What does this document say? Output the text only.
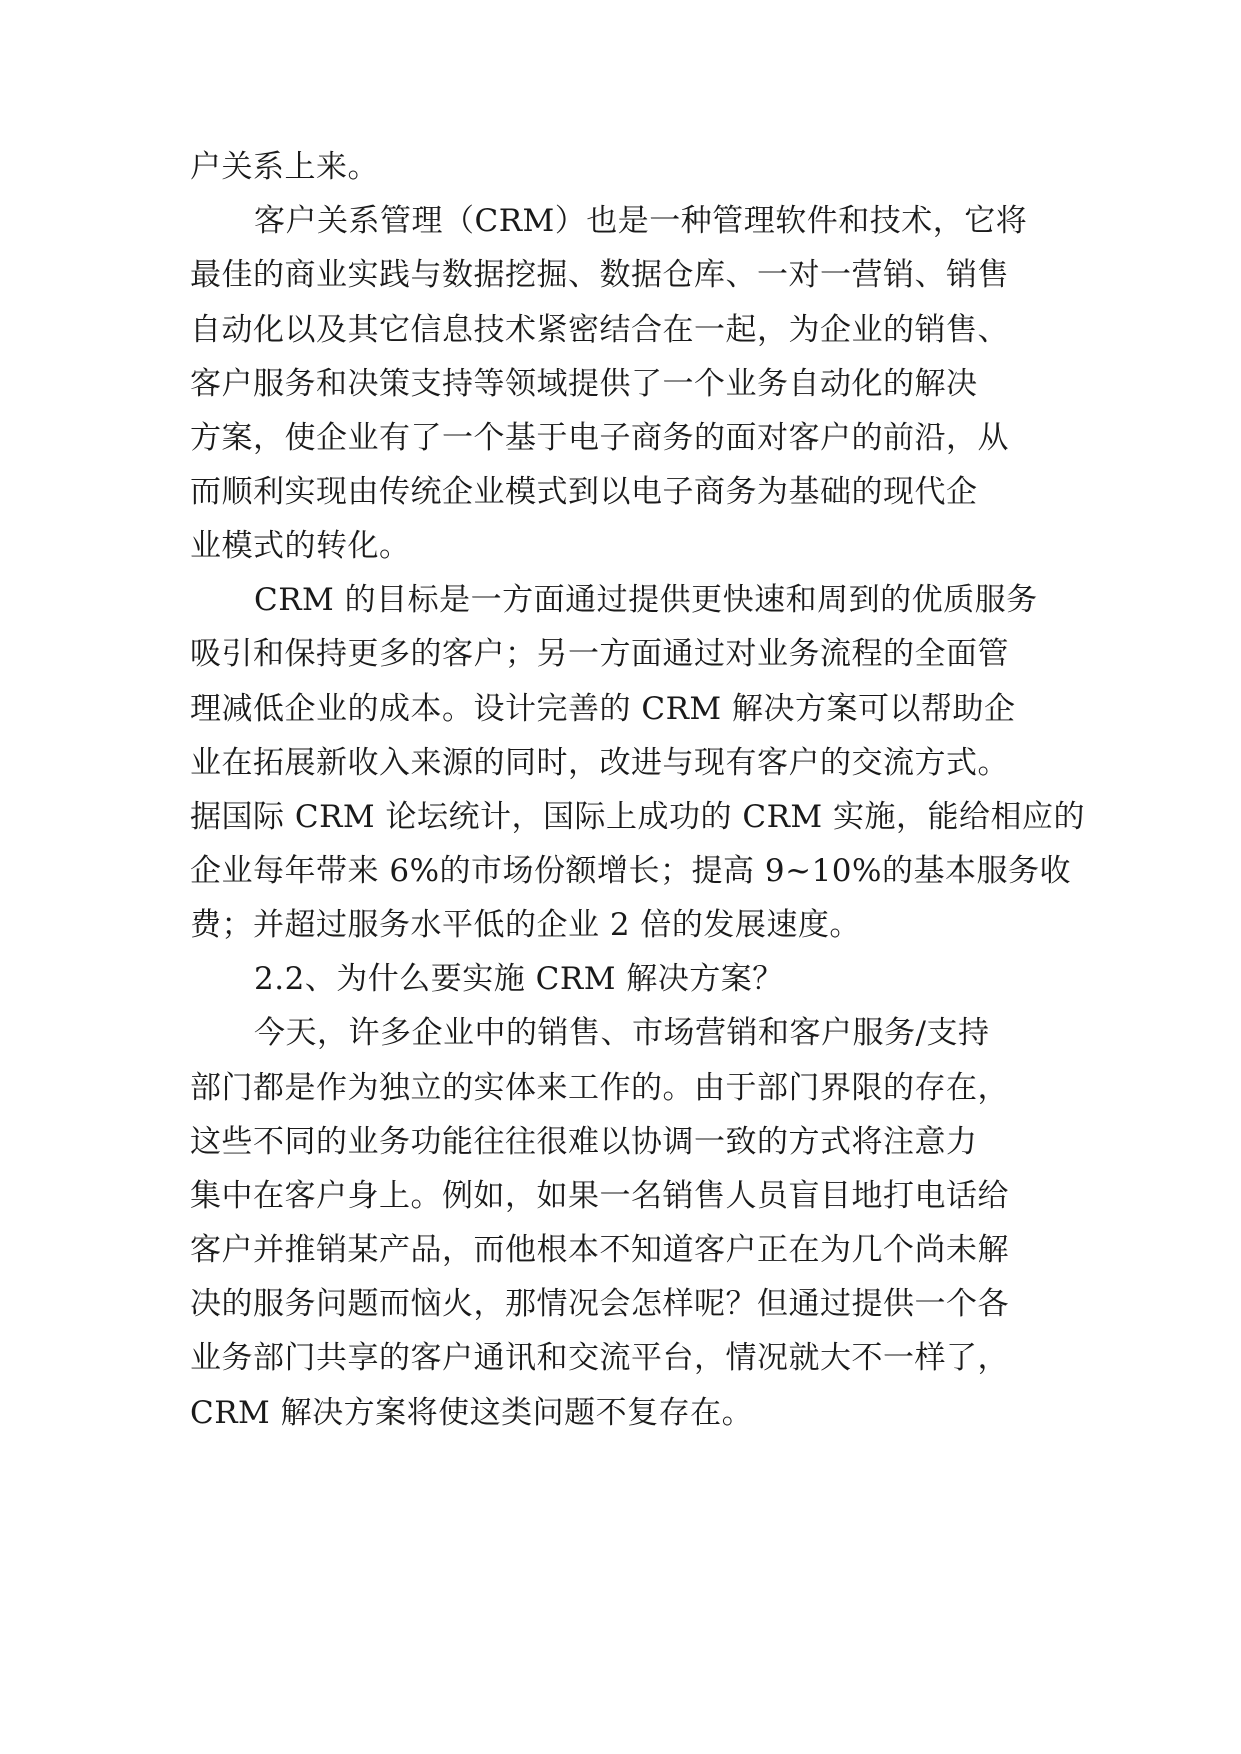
户关系上来。
客户关系管理（CRM）也是一种管理软件和技术，它将
最佳的商业实践与数据挖掘、数据仓库、一对一营销、销售
自动化以及其它信息技术紧密结合在一起，为企业的销售、
客户服务和决策支持等领域提供了一个业务自动化的解决
方案，使企业有了一个基于电子商务的面对客户的前沿，从
而顺利实现由传统企业模式到以电子商务为基础的现代企
业模式的转化。
CRM 的目标是一方面通过提供更快速和周到的优质服务
吸引和保持更多的客户；另一方面通过对业务流程的全面管
理减低企业的成本。设计完善的 CRM 解决方案可以帮助企
业在拓展新收入来源的同时，改进与现有客户的交流方式。
据国际 CRM 论坛统计，国际上成功的 CRM 实施，能给相应的
企业每年带来 6%的市场份额增长；提高 9~10%的基本服务收
费；并超过服务水平低的企业 2 倍的发展速度。
2.2、为什么要实施 CRM 解决方案？
今天，许多企业中的销售、市场营销和客户服务/支持
部门都是作为独立的实体来工作的。由于部门界限的存在，
这些不同的业务功能往往很难以协调一致的方式将注意力
集中在客户身上。例如，如果一名销售人员盲目地打电话给
客户并推销某产品，而他根本不知道客户正在为几个尚未解
决的服务问题而恼火，那情况会怎样呢？但通过提供一个各
业务部门共享的客户通讯和交流平台，情况就大不一样了，
CRM 解决方案将使这类问题不复存在。
